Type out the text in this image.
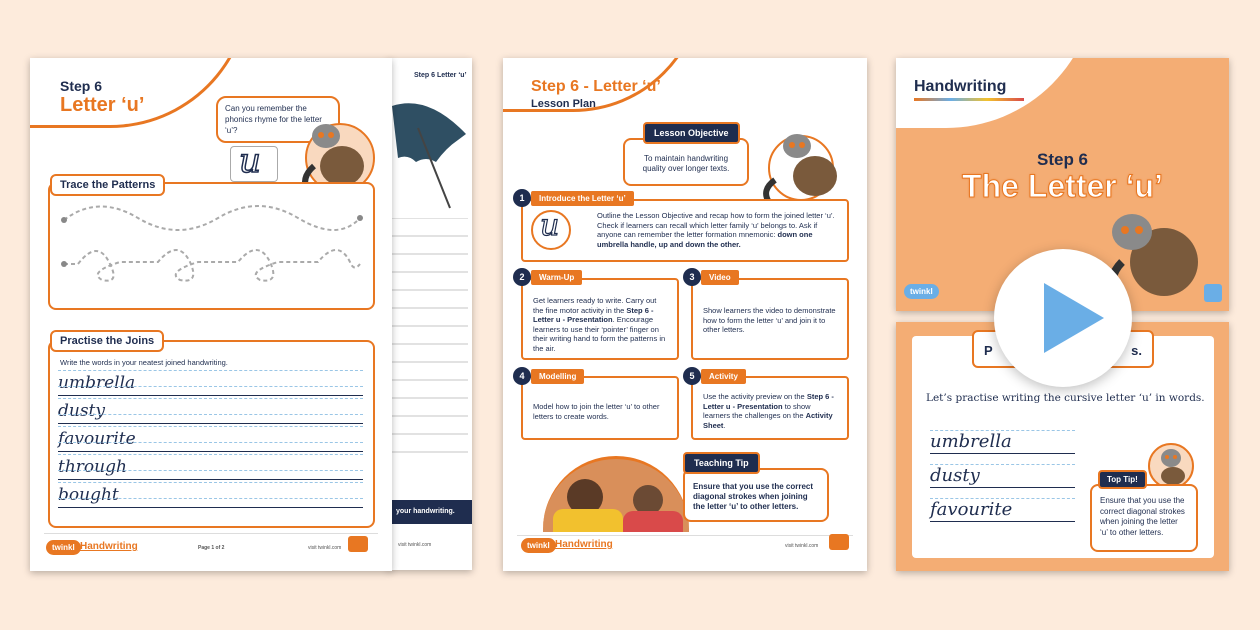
Step 6 Letter ‘u’
your handwriting.
visit twinkl.com
Step 6
Letter ‘u’	Can you remember the phonics rhyme for the letter ‘u’?
u
Trace the Patterns
Practise the Joins
Write the words in your neatest joined handwriting.
umbrella
dusty
favourite
through
bought
twinkl Handwriting	Page 1 of 2	visit twinkl.com
Step 6 - Letter ‘u’
Lesson Plan
To maintain handwriting quality over longer texts.
Lesson Objective
Outline the Lesson Objective and recap how to form the joined letter ‘u’. Check if learners can recall which letter family ‘u’ belongs to. Ask if anyone can remember the letter formation mnemonic: down one umbrella handle, up and down the other.
u
1	Introduce the Letter ‘u’
Get learners ready to write. Carry out the fine motor activity in the Step 6 - Letter u - Presentation. Encourage learners to use their ‘pointer’ finger on their writing hand to form the patterns in the air.
2	Warm-Up
Show learners the video to demonstrate how to form the letter ‘u’ and join it to other letters.
3	Video
Model how to join the letter ‘u’ to other letters to create words.
4	Modelling
Use the activity preview on the Step 6 - Letter u - Presentation to show learners the challenges on the Activity Sheet.
5	Activity
Ensure that you use the correct diagonal strokes when joining the letter ‘u’ to other letters.
Teaching Tip
twinkl Handwriting	visit twinkl.com
Handwriting
Step 6
The Letter ‘u’
twinkl
P	s.
Let’s practise writing the cursive letter ‘u’ in words.
umbrella
dusty
favourite	Ensure that you use the correct diagonal strokes when joining the letter ‘u’ to other letters.
Top Tip!
